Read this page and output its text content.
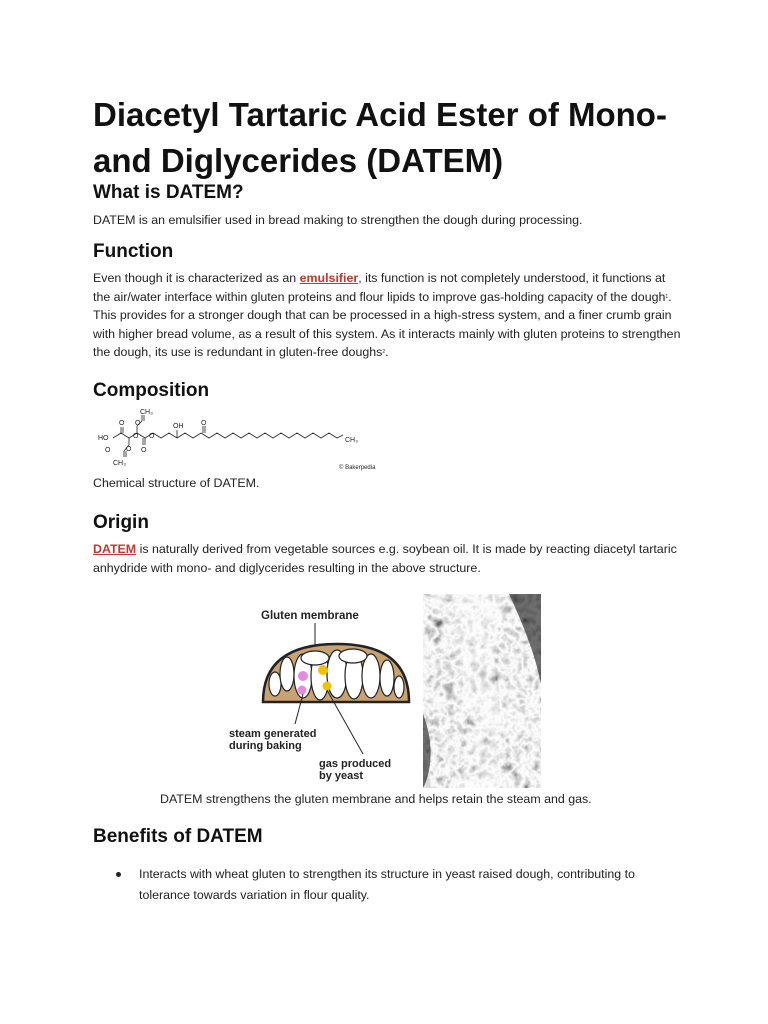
Diacetyl Tartaric Acid Ester of Mono- and Diglycerides (DATEM)
What is DATEM?

DATEM is an emulsifier used in bread making to strengthen the dough during processing.

Function

Even though it is characterized as an emulsifier, its function is not completely understood, it functions at the air/water interface within gluten proteins and flour lipids to improve gas-holding capacity of the dough$^1$. This provides for a stronger dough that can be processed in a high-stress system, and a finer crumb grain with higher bread volume, as a result of this system. As it interacts mainly with gluten proteins to strengthen the dough, its use is redundant in gluten-free doughs$^2$.

Composition
CH₃
HO
OH
CH₃
CH₃
O O
O O
O O
O
O
© Bakerpedia

Chemical structure of DATEM.

Origin

DATEM is naturally derived from vegetable sources e.g. soybean oil. It is made by reacting diacetyl tartaric anhydride with mono- and diglycerides resulting in the above structure.

Gluten membrane
steam generated
during baking
gas produced
by yeast

DATEM strengthens the gluten membrane and helps retain the steam and gas.

Benefits of DATEM
Interacts with wheat gluten to strengthen its structure in yeast raised dough, contributing to tolerance towards variation in flour quality.
